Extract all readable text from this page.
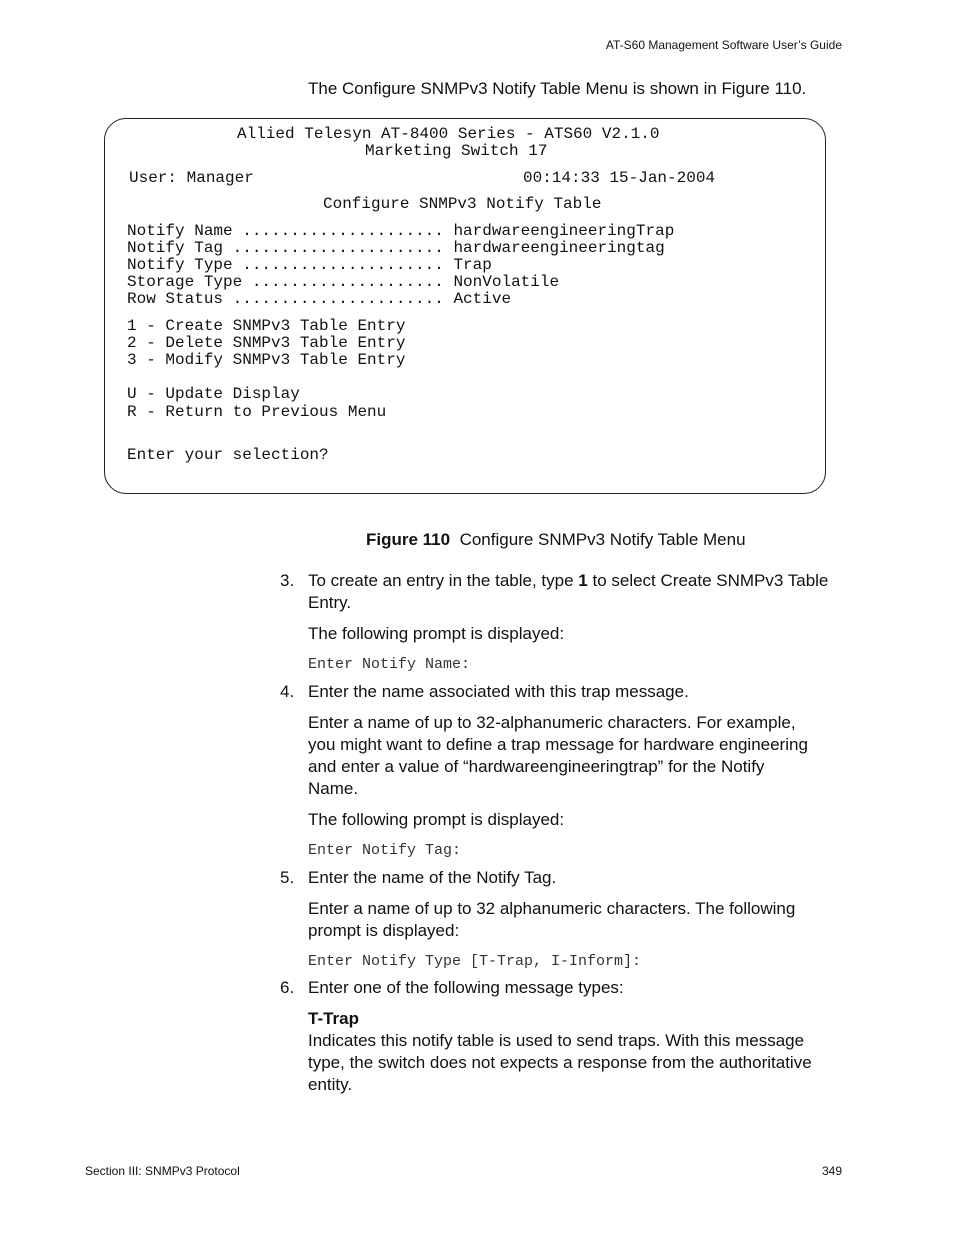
AT-S60 Management Software User’s Guide
The Configure SNMPv3 Notify Table Menu is shown in Figure 110.
Allied Telesyn AT-8400 Series - ATS60 V2.1.0
Marketing Switch 17
User: Manager	00:14:33 15-Jan-2004
Configure SNMPv3 Notify Table
Notify Name ..................... hardwareengineeringTrap
Notify Tag ...................... hardwareengineeringtag
Notify Type ..................... Trap
Storage Type .................... NonVolatile
Row Status ...................... Active
1 - Create SNMPv3 Table Entry
2 - Delete SNMPv3 Table Entry
3 - Modify SNMPv3 Table Entry
U - Update Display
R - Return to Previous Menu
Enter your selection?
Figure 110 Configure SNMPv3 Notify Table Menu
3. To create an entry in the table, type 1 to select Create SNMPv3 Table
Entry.
The following prompt is displayed:
Enter Notify Name:
4. Enter the name associated with this trap message.
Enter a name of up to 32-alphanumeric characters. For example, you might want to define a trap message for hardware engineering and enter a value of “hardwareengineeringtrap” for the Notify Name.
The following prompt is displayed:
Enter Notify Tag:
5. Enter the name of the Notify Tag.
Enter a name of up to 32 alphanumeric characters. The following prompt is displayed:
Enter Notify Type [T-Trap, I-Inform]:
6. Enter one of the following message types:
T-Trap
Indicates this notify table is used to send traps. With this message type, the switch does not expects a response from the authoritative entity.
Section III: SNMPv3 Protocol	349
